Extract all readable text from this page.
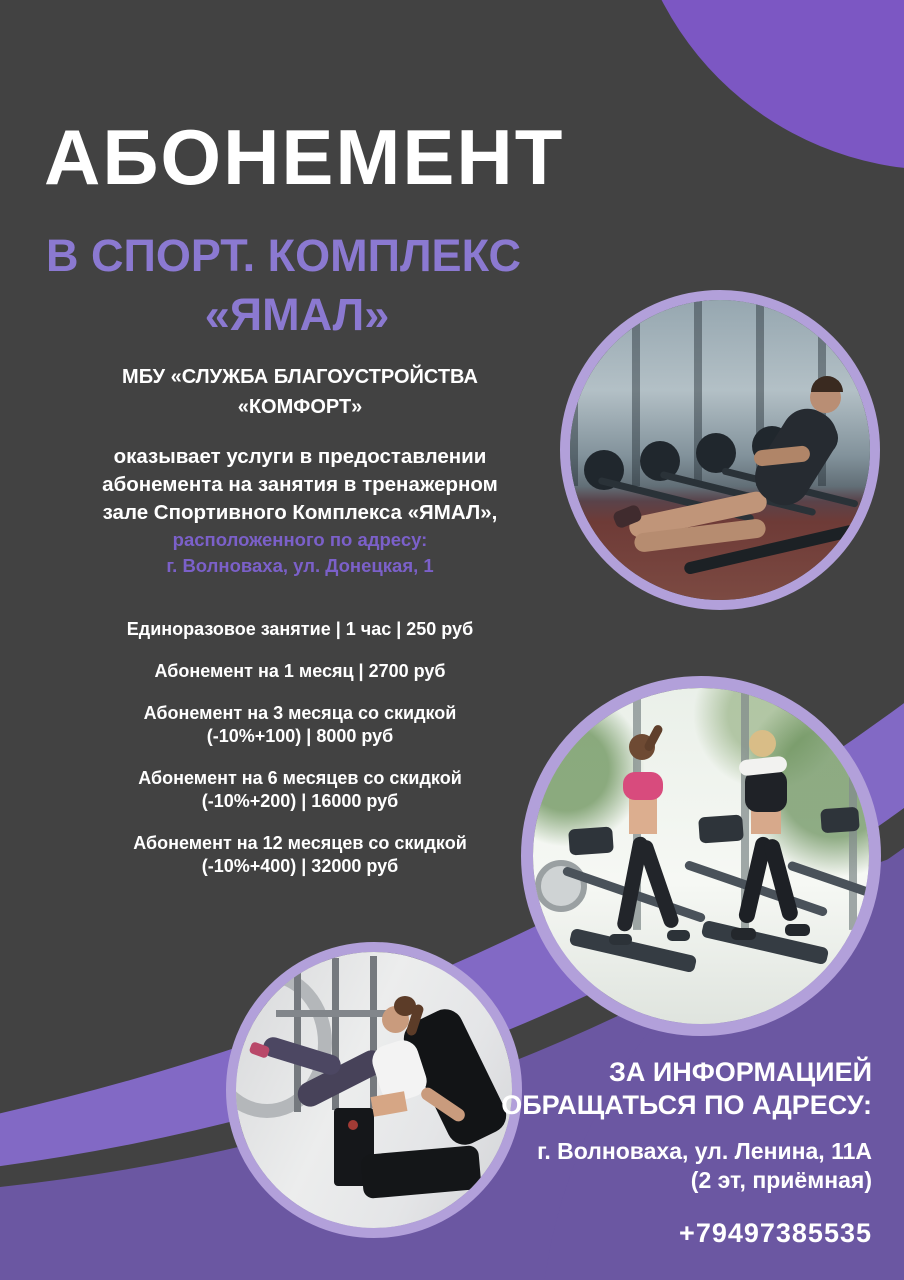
АБОНЕМЕНТ
В СПОРТ. КОМПЛЕКС
«ЯМАЛ»
МБУ «СЛУЖБА БЛАГОУСТРОЙСТВА
«КОМФОРТ»
оказывает услуги в предоставлении
абонемента на занятия в тренажерном
зале Спортивного Комплекса «ЯМАЛ»,
расположенного по адресу:
г. Волноваха, ул. Донецкая, 1
Единоразовое занятие | 1 час | 250 руб
Абонемент на 1 месяц | 2700 руб
Абонемент на 3 месяца со скидкой
(-10%+100) | 8000 руб
Абонемент на 6 месяцев со скидкой
(-10%+200) | 16000 руб
Абонемент на 12 месяцев со скидкой
(-10%+400) | 32000 руб
ЗА ИНФОРМАЦИЕЙ
ОБРАЩАТЬСЯ ПО АДРЕСУ:
г. Волноваха, ул. Ленина, 11А
(2 эт, приёмная)
+79497385535
